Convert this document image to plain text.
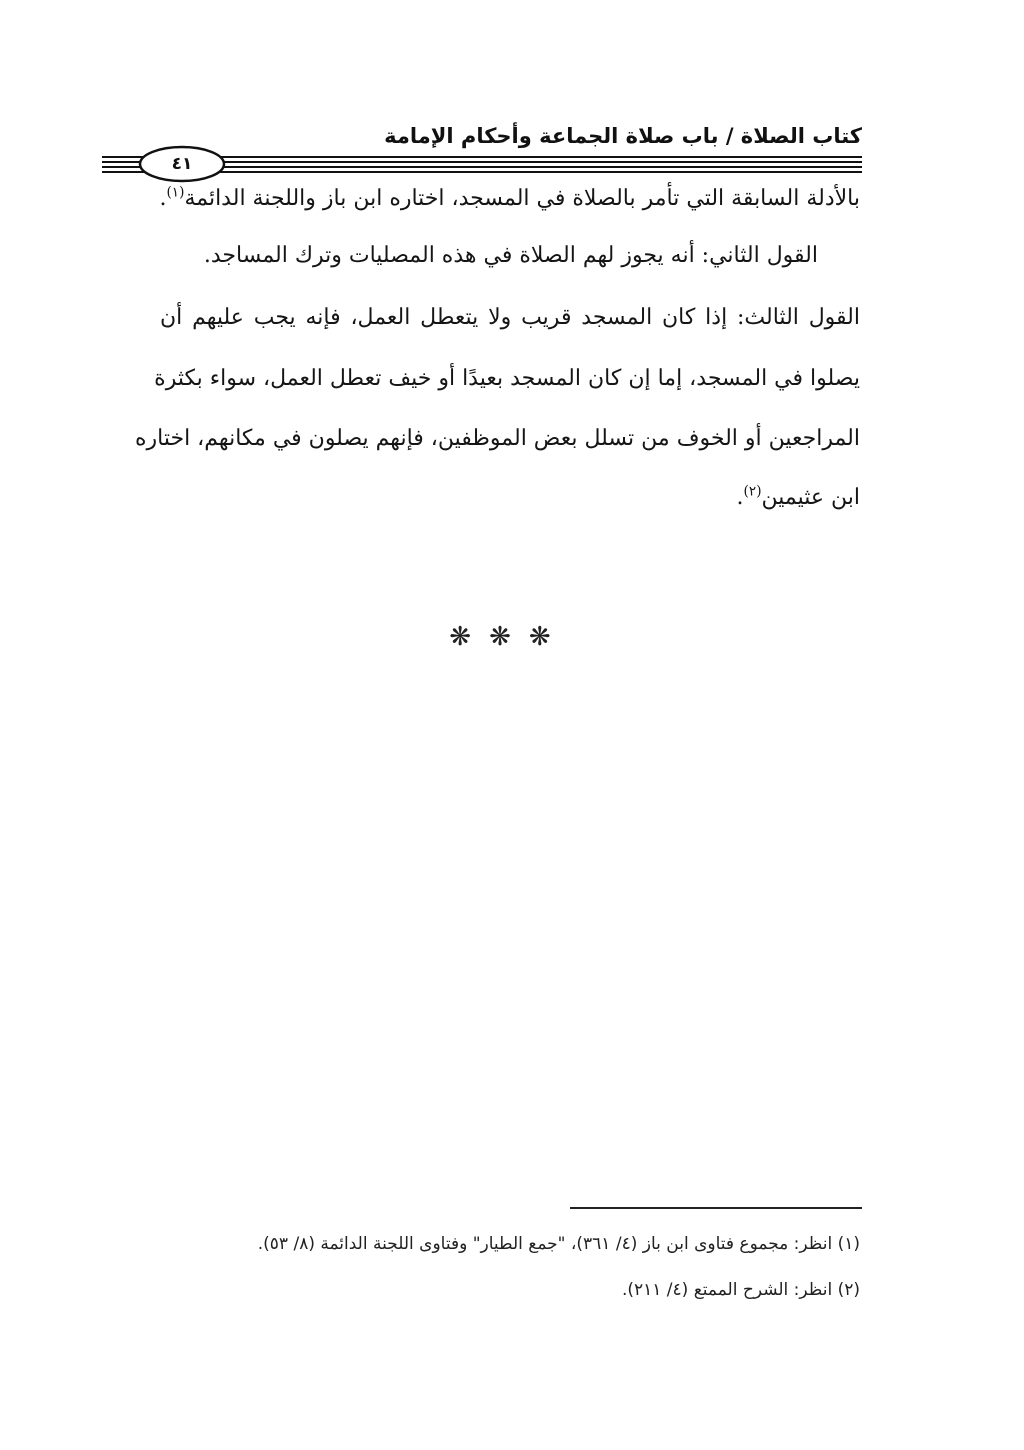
كتاب الصلاة / باب صلاة الجماعة وأحكام الإمامة
٤١
بالأدلة السابقة التي تأمر بالصلاة في المسجد، اختاره ابن باز واللجنة الدائمة$^{(١)}$.
القول الثاني: أنه يجوز لهم الصلاة في هذه المصليات وترك المساجد.
القول الثالث: إذا كان المسجد قريب ولا يتعطل العمل، فإنه يجب عليهم أن
يصلوا في المسجد، إما إن كان المسجد بعيدًا أو خيف تعطل العمل، سواء بكثرة
المراجعين أو الخوف من تسلل بعض الموظفين، فإنهم يصلون في مكانهم، اختاره
ابن عثيمين$^{(٢)}$.
❋ ❋ ❋
(١) انظر: مجموع فتاوى ابن باز (٤/ ٣٦١)، "جمع الطيار" وفتاوى اللجنة الدائمة (٨/ ٥٣).
(٢) انظر: الشرح الممتع (٤/ ٢١١).
